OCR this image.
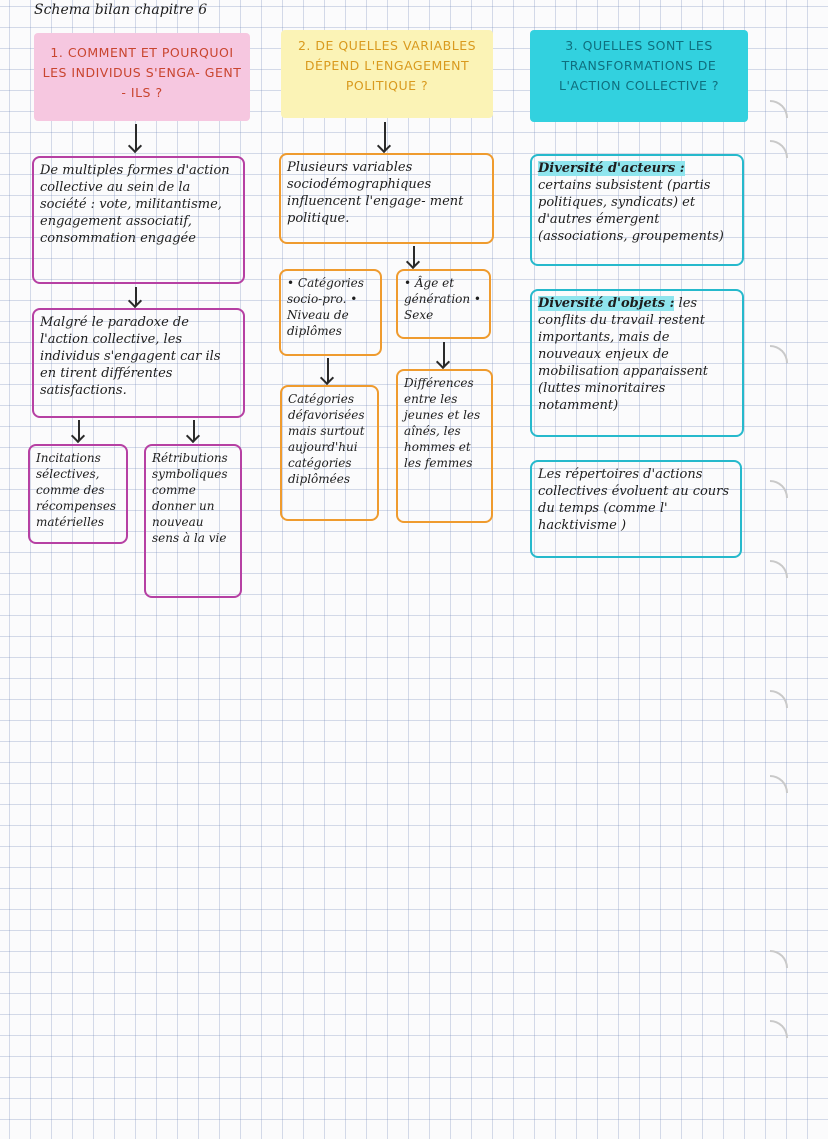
Schema bilan chapitre 6
1. COMMENT ET POURQUOI LES INDIVIDUS S'ENGA- GENT - ILS ?
De multiples formes d'action collective au sein de la société : vote, militantisme, engagement associatif, consommation engagée
Malgré le paradoxe de l'action collective, les individus s'engagent car ils en tirent différentes satisfactions.
Incitations sélectives, comme des récompenses matérielles
Rétributions symboliques comme donner un nouveau sens à la vie
2. DE QUELLES VARIABLES DÉPEND L'ENGAGEMENT POLITIQUE ?
Plusieurs variables sociodémographiques influencent l'engage- ment politique.
• Catégories socio-pro. • Niveau de diplômes
• Âge et génération • Sexe
Catégories défavorisées mais surtout aujourd'hui catégories diplômées
Différences entre les jeunes et les aînés, les hommes et les femmes
3. QUELLES SONT LES TRANSFORMATIONS DE L'ACTION COLLECTIVE ?
Diversité d'acteurs : certains subsistent (partis politiques, syndicats) et d'autres émergent (associations, groupements)
Diversité d'objets : les conflits du travail restent importants, mais de nouveaux enjeux de mobilisation apparaissent (luttes minoritaires notamment)
Les répertoires d'actions collectives évoluent au cours du temps (comme l' hacktivisme )
